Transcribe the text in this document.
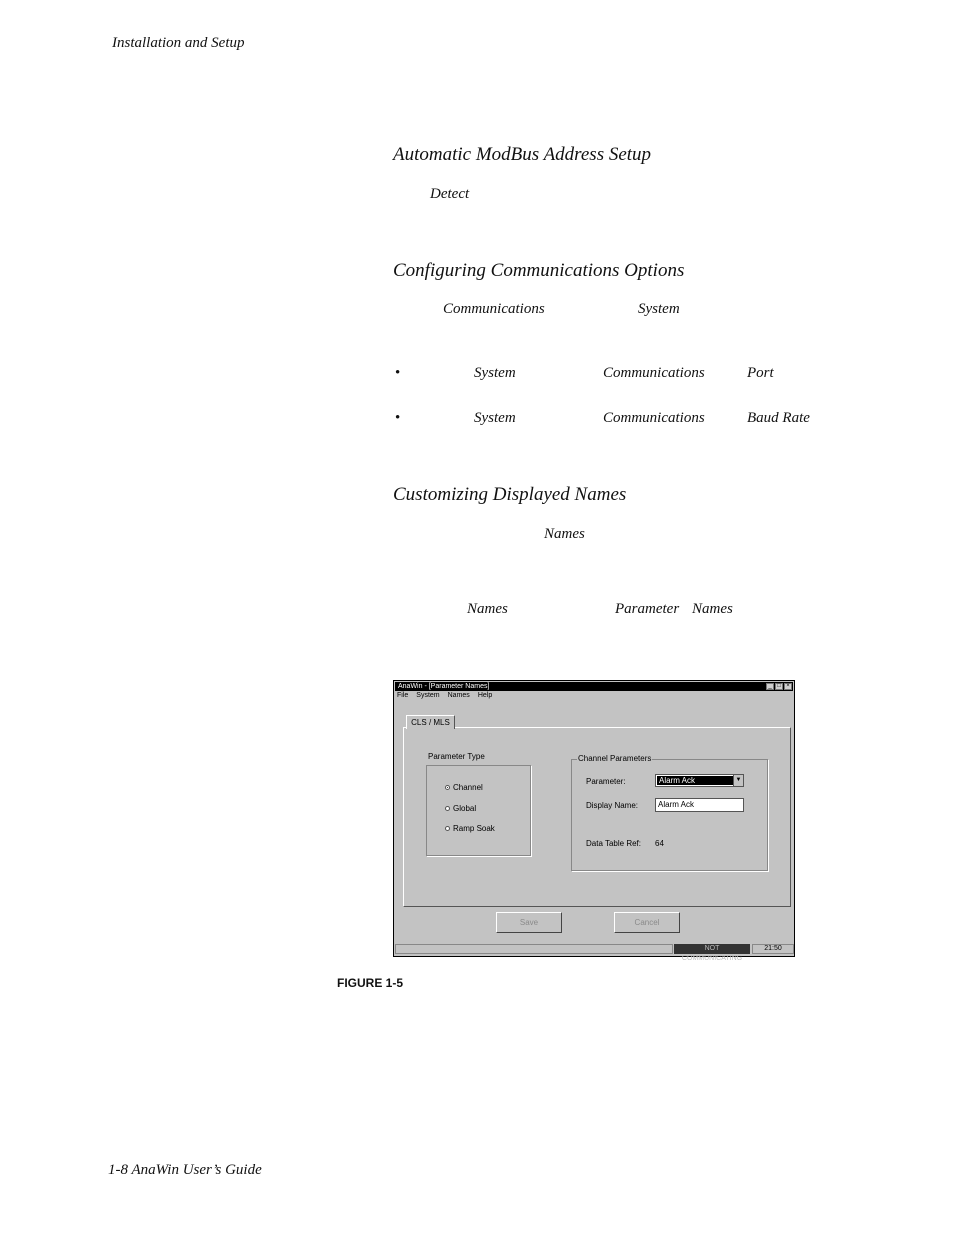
Installation and Setup
Automatic ModBus Address Setup
Detect
Configuring Communications Options
Communications	System
•	System	Communications	Port
•	System	Communications	Baud Rate
Customizing Displayed Names
Names
Names	Parameter Names
AnaWin - [Parameter Names]	_ □ ×
File System Names Help
CLS / MLS
Parameter Type
Channel
Global
Ramp Soak
Channel Parameters
Parameter:	Alarm Ack	▼
Display Name:	Alarm Ack
Data Table Ref: 64
Save	Cancel
NOT COMMUNICATING
21:50
FIGURE 1-5
1-8 AnaWin User’s Guide
